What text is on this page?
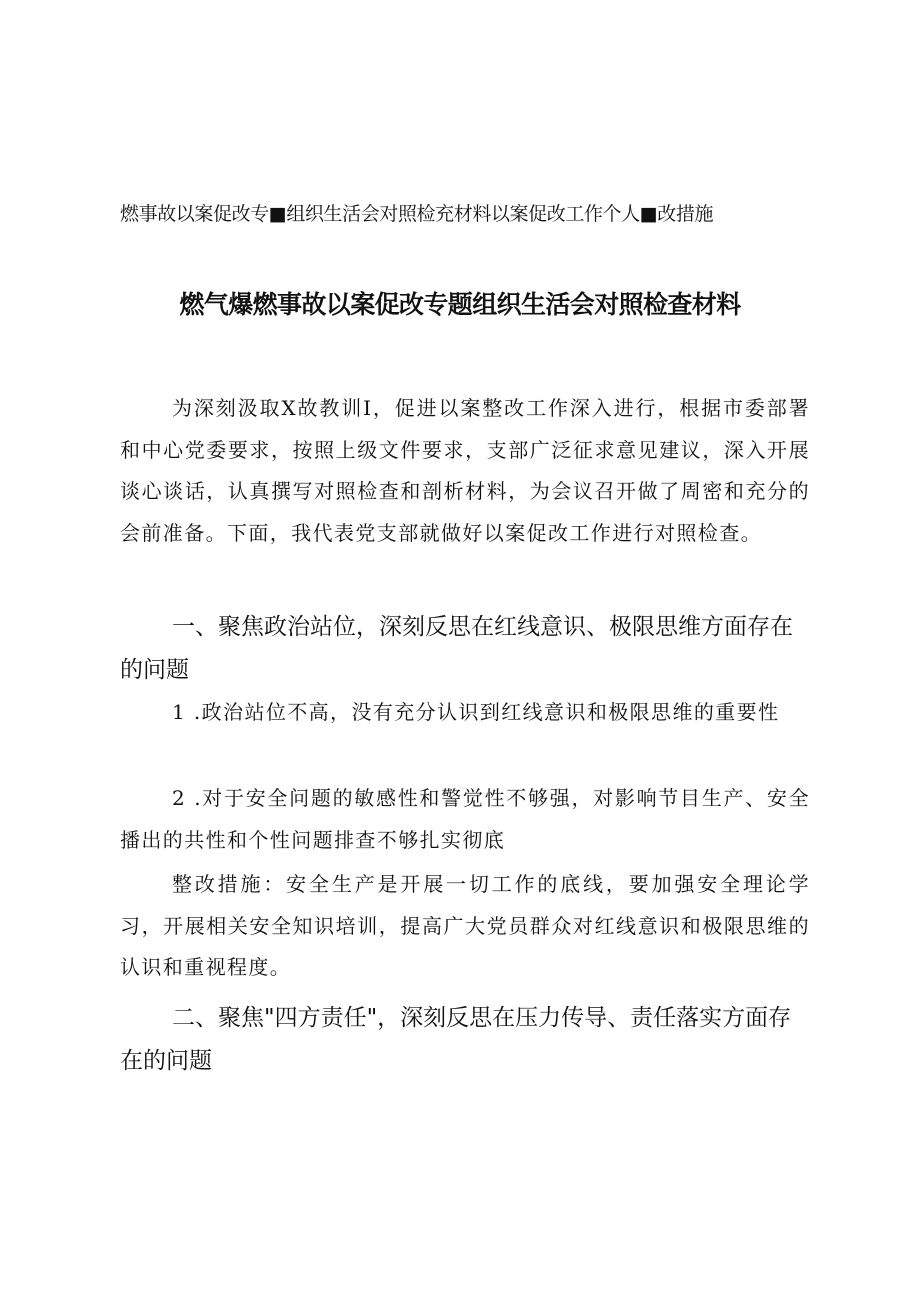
燃事故以案促改专■组织生活会对照检充材料以案促改工作个人■改措施
燃气爆燃事故以案促改专题组织生活会对照检查材料

为深刻汲取X故教训I，促进以案整改工作深入进行，根据市委部署和中心党委要求，按照上级文件要求，支部广泛征求意见建议，深入开展谈心谈话，认真撰写对照检查和剖析材料，为会议召开做了周密和充分的会前准备。下面，我代表党支部就做好以案促改工作进行对照检查。

一、聚焦政治站位，深刻反思在红线意识、极限思维方面存在的问题

1 .政治站位不高，没有充分认识到红线意识和极限思维的重要性

2 .对于安全问题的敏感性和警觉性不够强，对影响节目生产、安全播出的共性和个性问题排查不够扎实彻底

整改措施：安全生产是开展一切工作的底线，要加强安全理论学习，开展相关安全知识培训，提高广大党员群众对红线意识和极限思维的认识和重视程度。

二、聚焦"四方责任"，深刻反思在压力传导、责任落实方面存在的问题
